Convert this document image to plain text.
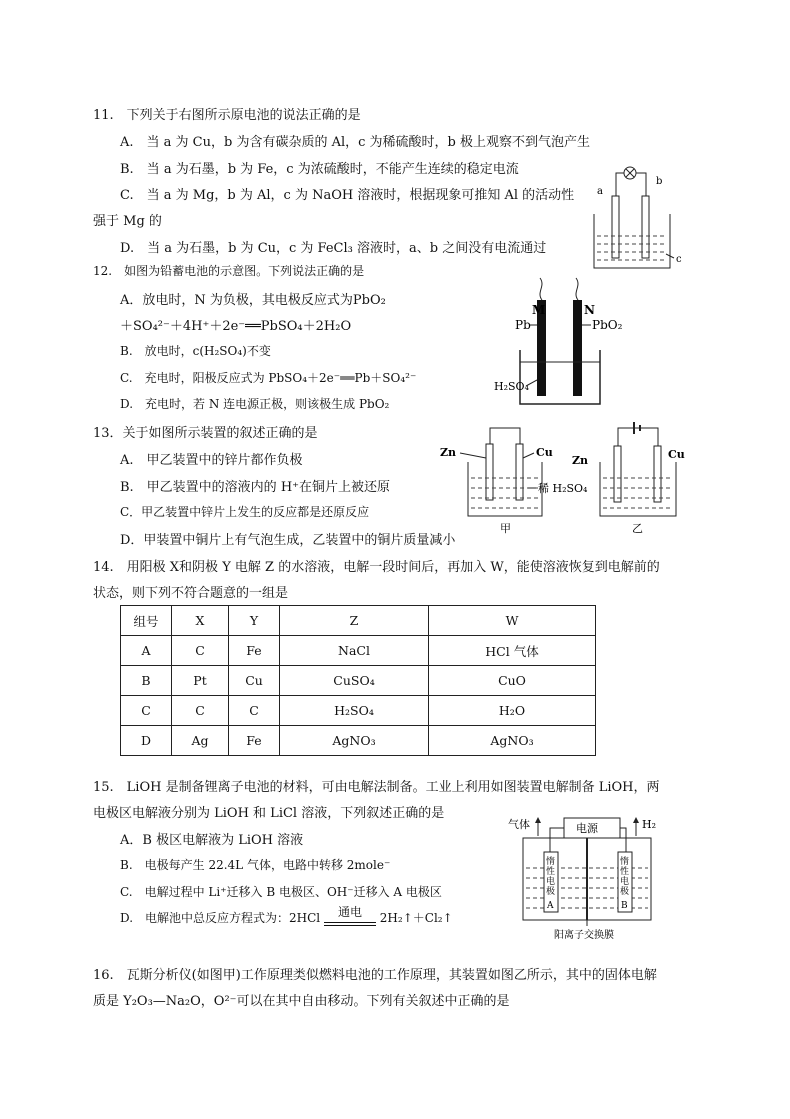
11.　下列关于右图所示原电池的说法正确的是
A.　当 a 为 Cu，b 为含有碳杂质的 Al，c 为稀硫酸时，b 极上观察不到气泡产生
B.　当 a 为石墨，b 为 Fe，c 为浓硫酸时，不能产生连续的稳定电流
C.　当 a 为 Mg，b 为 Al，c 为 NaOH 溶液时，根据现象可推知 Al 的活动性
强于 Mg 的
D.　当 a 为石墨，b 为 Cu，c 为 FeCl₃ 溶液时，a、b 之间没有电流通过
a
b
c
12.　如图为铅蓄电池的示意图。下列说法正确的是
A．放电时，N 为负极，其电极反应式为PbO₂
＋SO₄²⁻＋4H⁺＋2e⁻══PbSO₄＋2H₂O
B.　放电时，c(H₂SO₄)不变
C.　充电时，阳极反应式为 PbSO₄＋2e⁻══Pb＋SO₄²⁻
D.　充电时，若 N 连电源正极，则该极生成 PbO₂
M	N
Pb	PbO₂
H₂SO₄
13．关于如图所示装置的叙述正确的是
A.　甲乙装置中的锌片都作负极
B.　甲乙装置中的溶液内的 H⁺在铜片上被还原
C．甲乙装置中锌片上发生的反应都是还原反应
D．甲装置中铜片上有气泡生成，乙装置中的铜片质量减小
Zn	Cu
甲
稀 H₂SO₄
Zn	Cu
乙
14.　用阳极 X和阴极 Y 电解 Z 的水溶液，电解一段时间后，再加入 W，能使溶液恢复到电解前的
状态，则下列不符合题意的一组是
组号	X	Y	Z	W
A	C	Fe	NaCl	HCl 气体
B	Pt	Cu	CuSO₄	CuO
C	C	C	H₂SO₄	H₂O
D	Ag	Fe	AgNO₃	AgNO₃
15.　LiOH 是制备锂离子电池的材料，可由电解法制备。工业上利用如图装置电解制备 LiOH，两
电极区电解液分别为 LiOH 和 LiCl 溶液，下列叙述正确的是
A．B 极区电解液为 LiOH 溶液
B.　电极每产生 22.4L 气体，电路中转移 2mole⁻
C.　电解过程中 Li⁺迁移入 B 电极区、OH⁻迁移入 A 电极区
D.　电解池中总反应方程式为：2HCl	通电	2H₂↑＋Cl₂↑
气体	电源	H₂
惰性电极 A
惰性电极 B
阳离子交换膜
16.　瓦斯分析仪(如图甲)工作原理类似燃料电池的工作原理，其装置如图乙所示，其中的固体电解
质是 Y₂O₃—Na₂O，O²⁻可以在其中自由移动。下列有关叙述中正确的是
